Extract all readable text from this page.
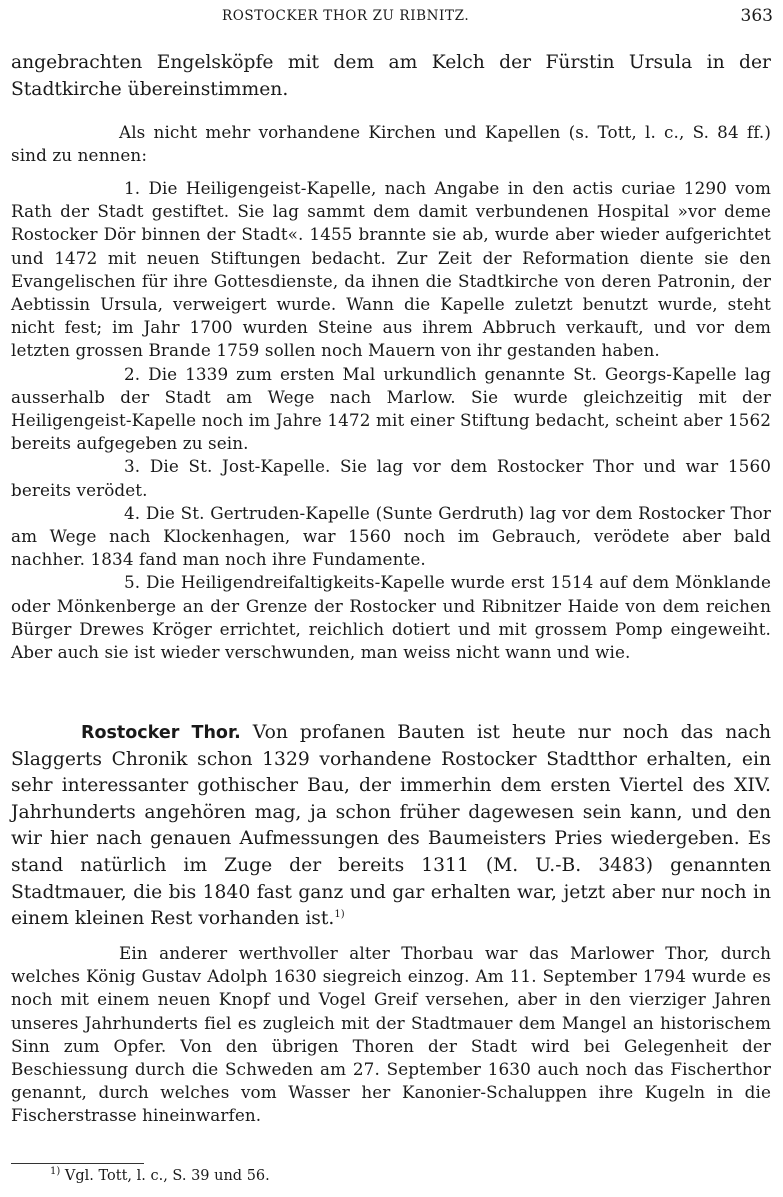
ROSTOCKER THOR ZU RIBNITZ.	363

angebrachten Engelsköpfe mit dem am Kelch der Fürstin Ursula in der Stadtkirche übereinstimmen.

Als nicht mehr vorhandene Kirchen und Kapellen (s. Tott, l. c., S. 84 ff.) sind zu nennen:

1. Die Heiligengeist-Kapelle, nach Angabe in den actis curiae 1290 vom Rath der Stadt gestiftet. Sie lag sammt dem damit verbundenen Hospital »vor deme Rostocker Dör binnen der Stadt«. 1455 brannte sie ab, wurde aber wieder aufgerichtet und 1472 mit neuen Stiftungen bedacht. Zur Zeit der Reformation diente sie den Evangelischen für ihre Gottesdienste, da ihnen die Stadtkirche von deren Patronin, der Aebtissin Ursula, verweigert wurde. Wann die Kapelle zuletzt benutzt wurde, steht nicht fest; im Jahr 1700 wurden Steine aus ihrem Abbruch verkauft, und vor dem letzten grossen Brande 1759 sollen noch Mauern von ihr gestanden haben.

2. Die 1339 zum ersten Mal urkundlich genannte St. Georgs-Kapelle lag ausserhalb der Stadt am Wege nach Marlow. Sie wurde gleichzeitig mit der Heiligengeist-Kapelle noch im Jahre 1472 mit einer Stiftung bedacht, scheint aber 1562 bereits aufgegeben zu sein.

3. Die St. Jost-Kapelle. Sie lag vor dem Rostocker Thor und war 1560 bereits verödet.

4. Die St. Gertruden-Kapelle (Sunte Gerdruth) lag vor dem Rostocker Thor am Wege nach Klockenhagen, war 1560 noch im Gebrauch, verödete aber bald nachher. 1834 fand man noch ihre Fundamente.

5. Die Heiligendreifaltigkeits-Kapelle wurde erst 1514 auf dem Mönklande oder Mönkenberge an der Grenze der Rostocker und Ribnitzer Haide von dem reichen Bürger Drewes Kröger errichtet, reichlich dotiert und mit grossem Pomp eingeweiht. Aber auch sie ist wieder verschwunden, man weiss nicht wann und wie.

Rostocker Thor. Von profanen Bauten ist heute nur noch das nach Slaggerts Chronik schon 1329 vorhandene Rostocker Stadtthor erhalten, ein sehr interessanter gothischer Bau, der immerhin dem ersten Viertel des XIV. Jahrhunderts angehören mag, ja schon früher dagewesen sein kann, und den wir hier nach genauen Aufmessungen des Baumeisters Pries wiedergeben. Es stand natürlich im Zuge der bereits 1311 (M. U.-B. 3483) genannten Stadtmauer, die bis 1840 fast ganz und gar erhalten war, jetzt aber nur noch in einem kleinen Rest vorhanden ist.$^{1)}$

Ein anderer werthvoller alter Thorbau war das Marlower Thor, durch welches König Gustav Adolph 1630 siegreich einzog. Am 11. September 1794 wurde es noch mit einem neuen Knopf und Vogel Greif versehen, aber in den vierziger Jahren unseres Jahrhunderts fiel es zugleich mit der Stadtmauer dem Mangel an historischem Sinn zum Opfer. Von den übrigen Thoren der Stadt wird bei Gelegenheit der Beschiessung durch die Schweden am 27. September 1630 auch noch das Fischerthor genannt, durch welches vom Wasser her Kanonier-Schaluppen ihre Kugeln in die Fischerstrasse hineinwarfen.

$^{1)}$ Vgl. Tott, l. c., S. 39 und 56.
